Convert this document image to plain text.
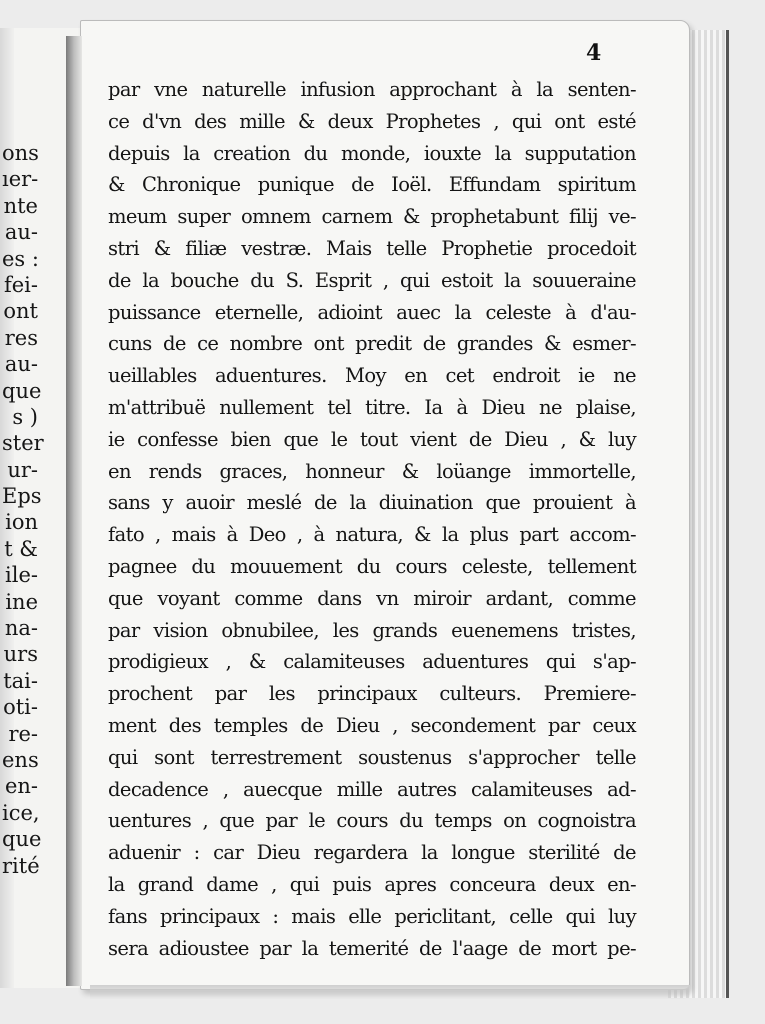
ons
ıer-
nte
au-
es :
fei-
ont
res
au-
que
s )
ster
ur-
Eps
ion
t &
ile-
ine
na-
urs
tai-
oti-
re-
ens
en-
ice,
que
rité
4
par vne naturelle infusion approchant à la senten-
ce d'vn des mille & deux Prophetes , qui ont esté
depuis la creation du monde, iouxte la supputation
& Chronique punique de Ioël. Effundam spiritum
meum super omnem carnem & prophetabunt filij ve-
stri & filiæ vestræ. Mais telle Prophetie procedoit
de la bouche du S. Esprit , qui estoit la souueraine
puissance eternelle, adioint auec la celeste à d'au-
cuns de ce nombre ont predit de grandes & esmer-
ueillables aduentures. Moy en cet endroit ie ne
m'attribuë nullement tel titre. Ia à Dieu ne plaise,
ie confesse bien que le tout vient de Dieu , & luy
en rends graces, honneur & loüange immortelle,
sans y auoir meslé de la diuination que prouient à
fato , mais à Deo , à natura, & la plus part accom-
pagnee du mouuement du cours celeste, tellement
que voyant comme dans vn miroir ardant, comme
par vision obnubilee, les grands euenemens tristes,
prodigieux , & calamiteuses aduentures qui s'ap-
prochent par les principaux culteurs. Premiere-
ment des temples de Dieu , secondement par ceux
qui sont terrestrement soustenus s'approcher telle
decadence , auecque mille autres calamiteuses ad-
uentures , que par le cours du temps on cognoistra
aduenir : car Dieu regardera la longue sterilité de
la grand dame , qui puis apres conceura deux en-
fans principaux : mais elle periclitant, celle qui luy
sera adioustee par la temerité de l'aage de mort pe-
